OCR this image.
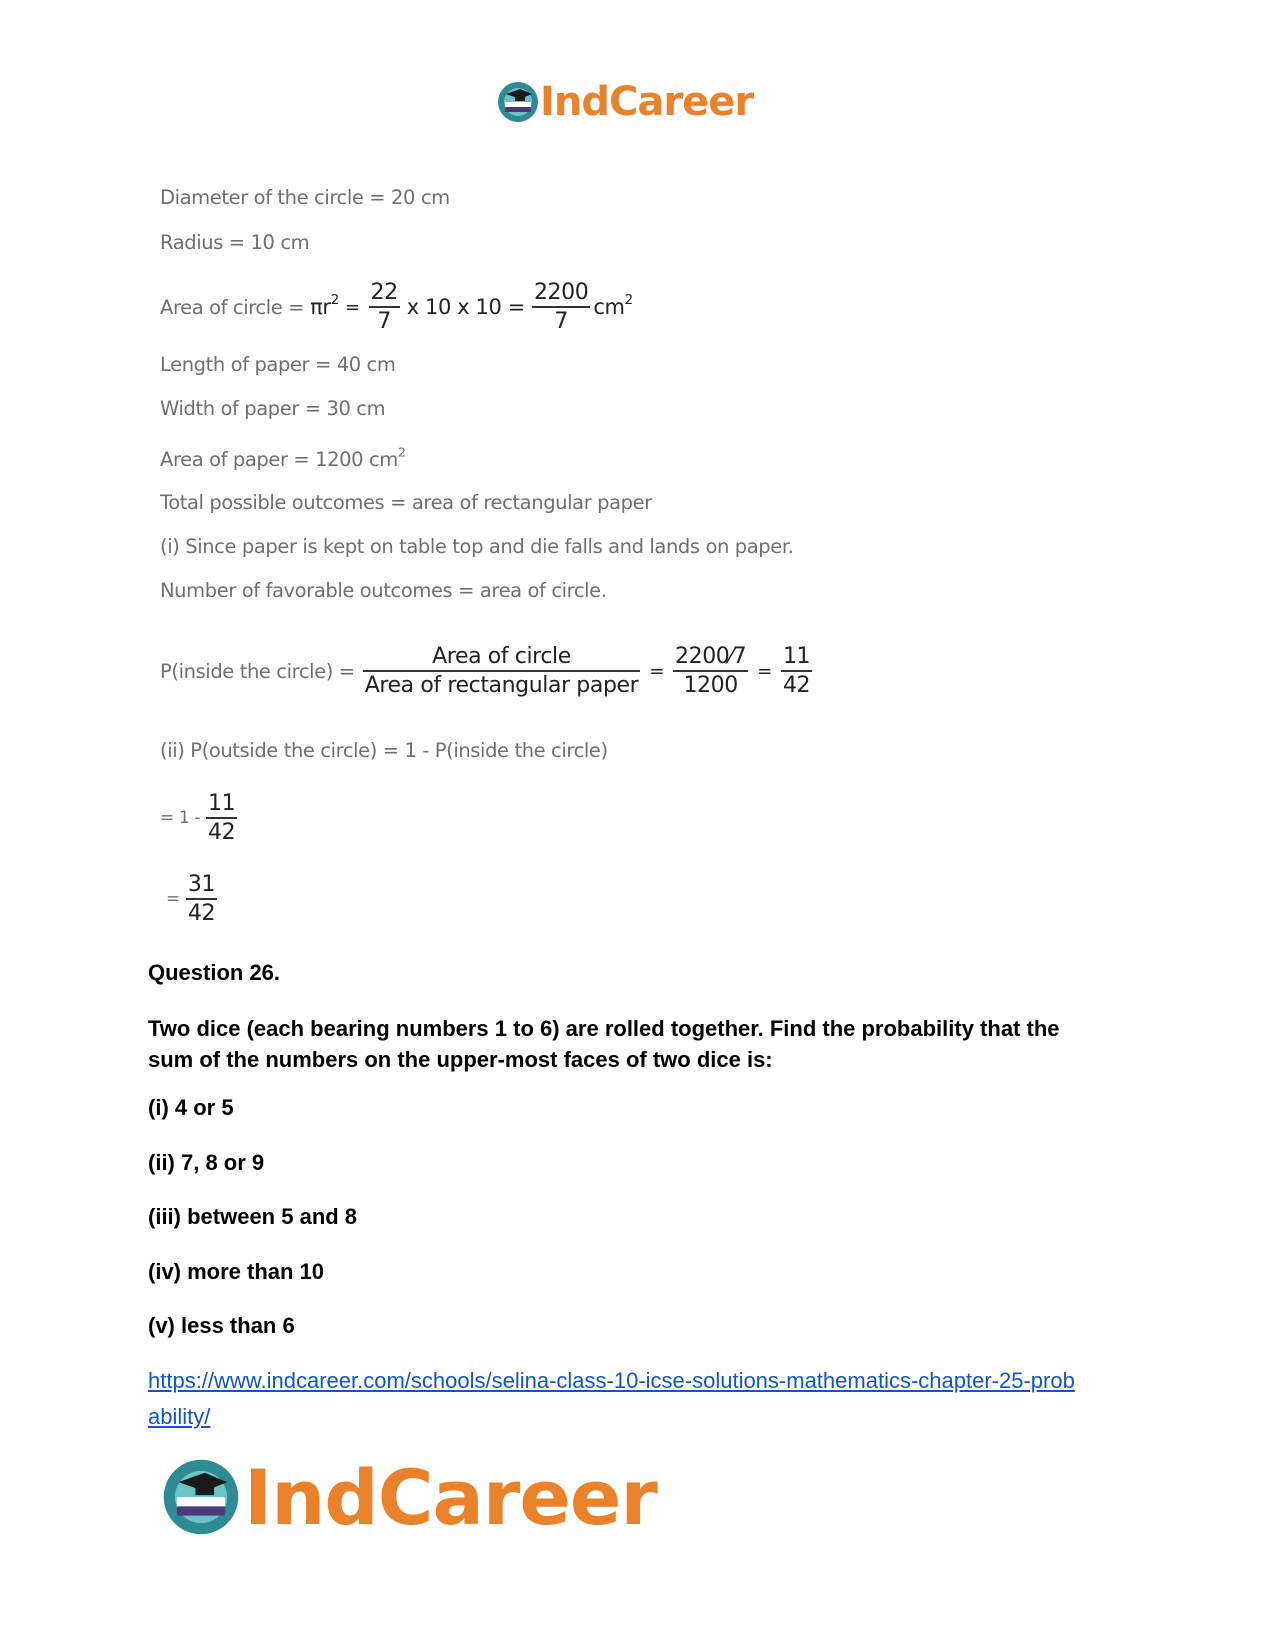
IndCareer
Diameter of the circle = 20 cm
Radius = 10 cm
Area of circle = $\pi r^2 = \frac{22}{7}$ x 10 x $10 = \frac{2200}{7} cm^2$
Length of paper = 40 cm
Width of paper = 30 cm
Area of paper = 1200 $cm^2$
Total possible outcomes = area of rectangular paper
(i) Since paper is kept on table top and die falls and lands on paper.
Number of favorable outcomes = area of circle.
P(inside the circle) = $\frac{\text{Area of circle}}{\text{Area of rectangular paper}} = \frac{2200⁄7}{1200} = \frac{11}{42}$
(ii) P(outside the circle) = 1 - P(inside the circle)
= $1 - \frac{11}{42}$
= $\frac{31}{42}$
Question 26.
Two dice (each bearing numbers 1 to 6) are rolled together. Find the probability that the sum of the numbers on the upper-most faces of two dice is:
(i) 4 or 5
(ii) 7, 8 or 9
(iii) between 5 and 8
(iv) more than 10
(v) less than 6
https://www.indcareer.com/schools/selina-class-10-icse-solutions-mathematics-chapter-25-prob
ability/
IndCareer
